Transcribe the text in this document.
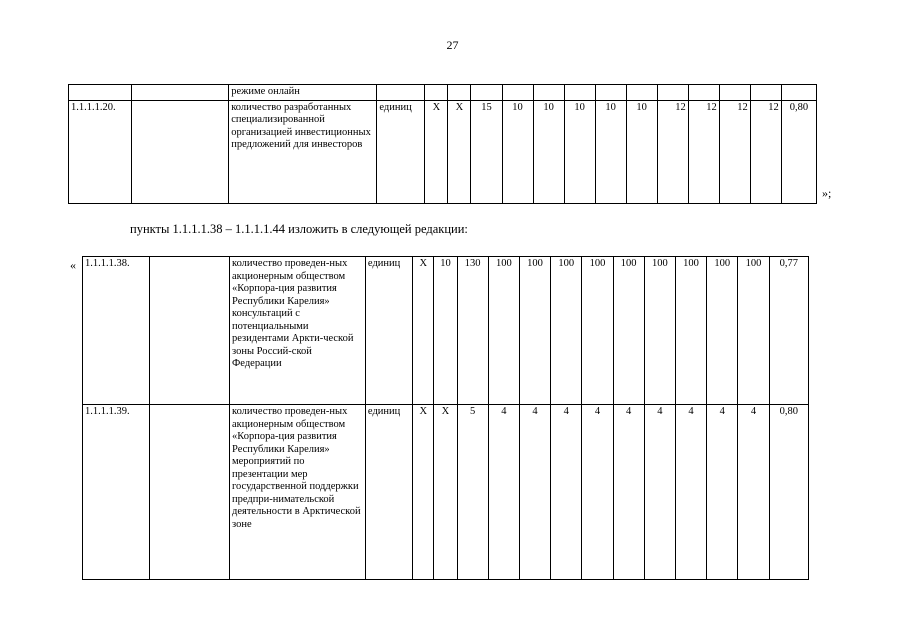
27
		режиме онлайн														
1.1.1.1.20.		количество разработанных специализированной организацией инвестиционных предложений для инвесторов	единиц	Х	Х	15	10	10	10	10	10	12	12	12	12	0,80
»;
пункты 1.1.1.1.38 – 1.1.1.1.44 изложить в следующей редакции:
« 1.1.1.1.38.		количество проведен-ных акционерным обществом «Корпора-ция развития Республики Карелия» консультаций с потенциальными резидентами Аркти-ческой зоны Россий-ской Федерации	единиц	Х	10	130	100	100	100	100	100	100	100	100	100	0,77
1.1.1.1.39.		количество проведен-ных акционерным обществом «Корпора-ция развития Республики Карелия» мероприятий по презентации мер государственной поддержки предпри-нимательской деятельности в Арктической зоне	единиц	Х	Х	5	4	4	4	4	4	4	4	4	4	0,80
